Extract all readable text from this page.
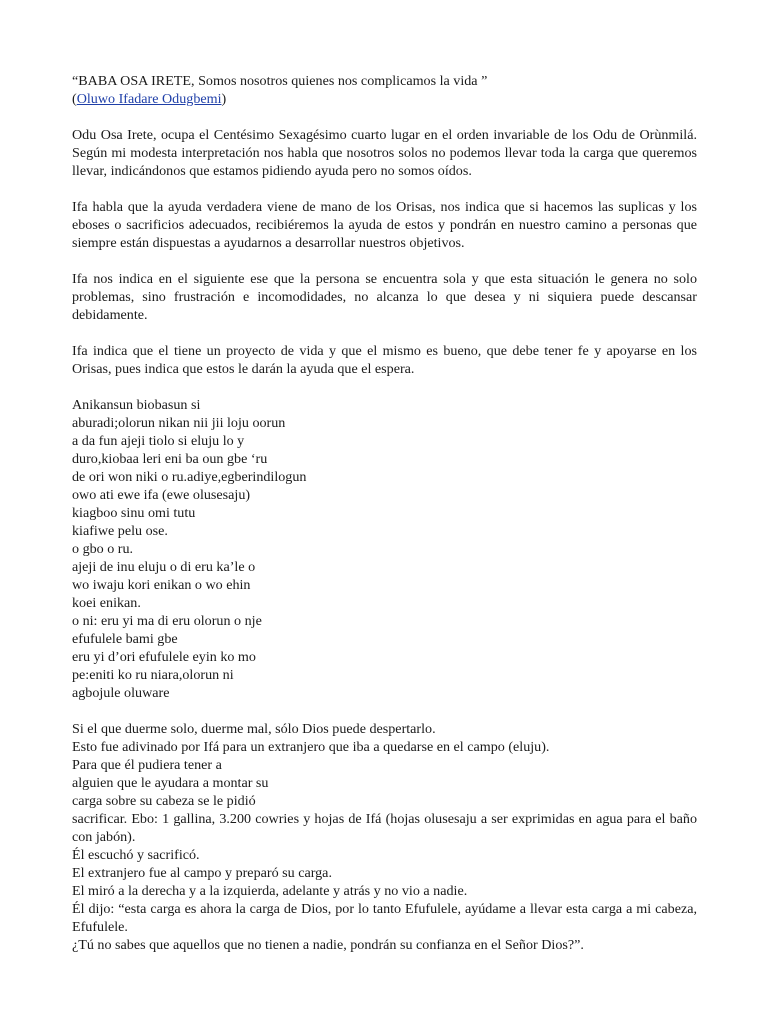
“BABA OSA IRETE, Somos nosotros quienes nos complicamos la vida ”

(Oluwo Ifadare Odugbemi)

Odu Osa Irete, ocupa el Centésimo Sexagésimo cuarto lugar en el orden invariable de los Odu de Orùnmilá. Según mi modesta interpretación nos habla que nosotros solos no podemos llevar toda la carga que queremos llevar, indicándonos que estamos pidiendo ayuda pero no somos oídos.

Ifa habla que la ayuda verdadera viene de mano de los Orisas, nos indica que si hacemos las suplicas y los eboses o sacrificios adecuados, recibiéremos la ayuda de estos y pondrán en nuestro camino a personas que siempre están dispuestas a ayudarnos a desarrollar nuestros objetivos.

Ifa nos indica en el siguiente ese que la persona se encuentra sola y que esta situación le genera no solo problemas, sino frustración e incomodidades, no alcanza lo que desea y ni siquiera puede descansar debidamente.

Ifa indica que el tiene un proyecto de vida y que el mismo es bueno, que debe tener fe y apoyarse en los Orisas, pues indica que estos le darán la ayuda que el espera.

Anikansun biobasun si
aburadi;olorun nikan nii jii loju oorun
a da fun ajeji tiolo si eluju lo y
duro,kiobaa leri eni ba oun gbe ‘ru
de ori won niki o ru.adiye,egberindilogun
owo ati ewe ifa (ewe olusesaju)
kiagboo sinu omi tutu
kiafiwe pelu ose.
o gbo o ru.
ajeji de inu eluju o di eru ka’le o
wo iwaju kori enikan o wo ehin
koei enikan.
o ni: eru yi ma di eru olorun o nje
efufulele bami gbe
eru yi d’ori efufulele eyin ko mo
pe:eniti ko ru niara,olorun ni
agbojule oluware
Si el que duerme solo, duerme mal, sólo Dios puede despertarlo.
Esto fue adivinado por Ifá para un extranjero que iba a quedarse en el campo (eluju).
Para que él pudiera tener a
alguien que le ayudara a montar su
carga sobre su cabeza se le pidió
sacrificar. Ebo: 1 gallina, 3.200 cowries y hojas de Ifá (hojas olusesaju a ser exprimidas en agua para el baño con jabón).
Él escuchó y sacrificó.
El extranjero fue al campo y preparó su carga.
El miró a la derecha y a la izquierda, adelante y atrás y no vio a nadie.
Él dijo: “esta carga es ahora la carga de Dios, por lo tanto Efufulele, ayúdame a llevar esta carga a mi cabeza, Efufulele.
¿Tú no sabes que aquellos que no tienen a nadie, pondrán su confianza en el Señor Dios?”.
